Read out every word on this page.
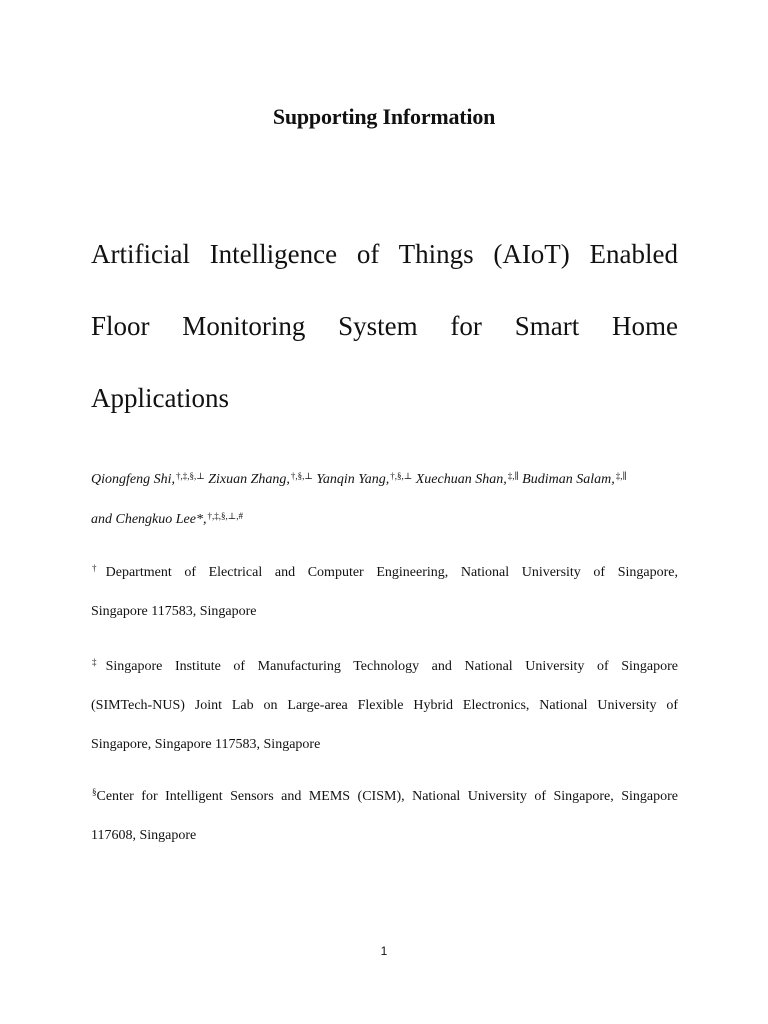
Supporting Information
Artificial Intelligence of Things (AIoT) Enabled
Floor Monitoring System for Smart Home
Applications
Qiongfeng Shi,†,‡,§,⊥ Zixuan Zhang,†,§,⊥ Yanqin Yang,†,§,⊥ Xuechuan Shan,‡,∥ Budiman Salam,‡,∥
and Chengkuo Lee*,†,‡,§,⊥,#
†Department of Electrical and Computer Engineering, National University of Singapore,
Singapore 117583, Singapore
‡Singapore Institute of Manufacturing Technology and National University of Singapore
(SIMTech-NUS) Joint Lab on Large-area Flexible Hybrid Electronics, National University of
Singapore, Singapore 117583, Singapore
§Center for Intelligent Sensors and MEMS (CISM), National University of Singapore, Singapore
117608, Singapore
1
